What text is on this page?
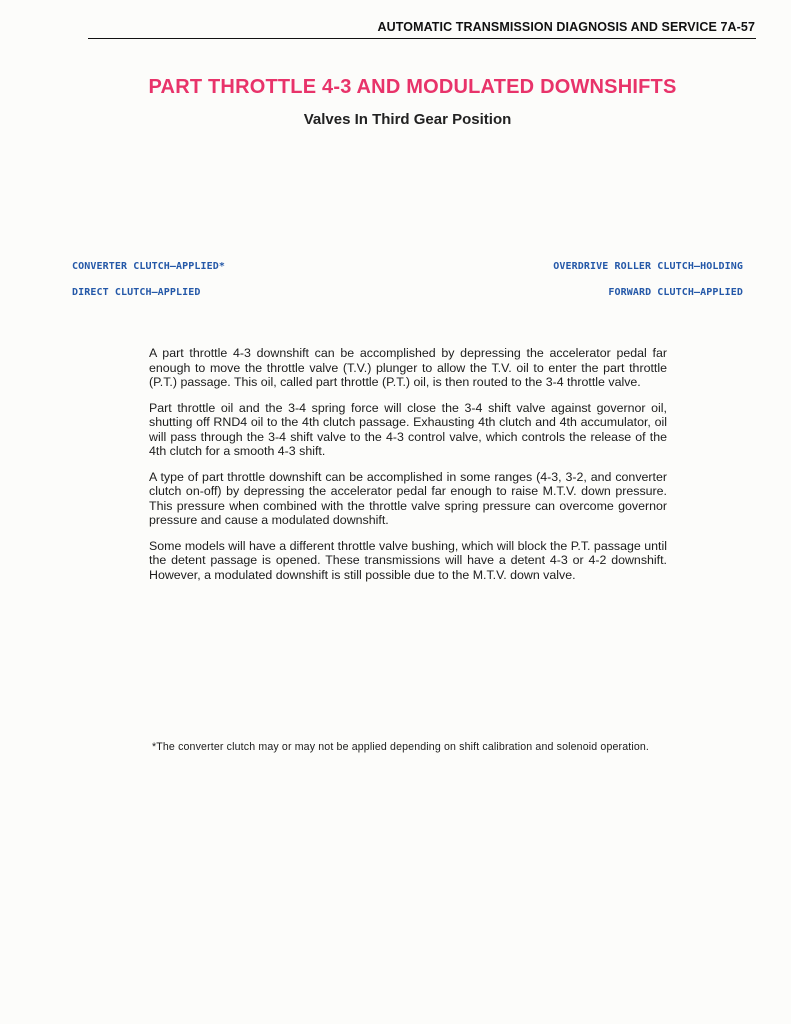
AUTOMATIC TRANSMISSION DIAGNOSIS AND SERVICE 7A-57
PART THROTTLE 4-3 AND MODULATED DOWNSHIFTS
Valves In Third Gear Position
CONVERTER CLUTCH–APPLIED*
DIRECT CLUTCH–APPLIED
OVERDRIVE ROLLER CLUTCH–HOLDING
FORWARD CLUTCH–APPLIED

A part throttle 4-3 downshift can be accomplished by depressing the accelerator pedal far enough to move the throttle valve (T.V.) plunger to allow the T.V. oil to enter the part throttle (P.T.) passage. This oil, called part throttle (P.T.) oil, is then routed to the 3-4 throttle valve.

Part throttle oil and the 3-4 spring force will close the 3-4 shift valve against governor oil, shutting off RND4 oil to the 4th clutch passage. Exhausting 4th clutch and 4th accumulator, oil will pass through the 3-4 shift valve to the 4-3 control valve, which controls the release of the 4th clutch for a smooth 4-3 shift.

A type of part throttle downshift can be accomplished in some ranges (4-3, 3-2, and converter clutch on-off) by depressing the accelerator pedal far enough to raise M.T.V. down pressure. This pressure when combined with the throttle valve spring pressure can overcome governor pressure and cause a modulated downshift.

Some models will have a different throttle valve bushing, which will block the P.T. passage until the detent passage is opened. These transmissions will have a detent 4-3 or 4-2 downshift. However, a modulated downshift is still possible due to the M.T.V. down valve.

*The converter clutch may or may not be applied depending on shift calibration and solenoid operation.
